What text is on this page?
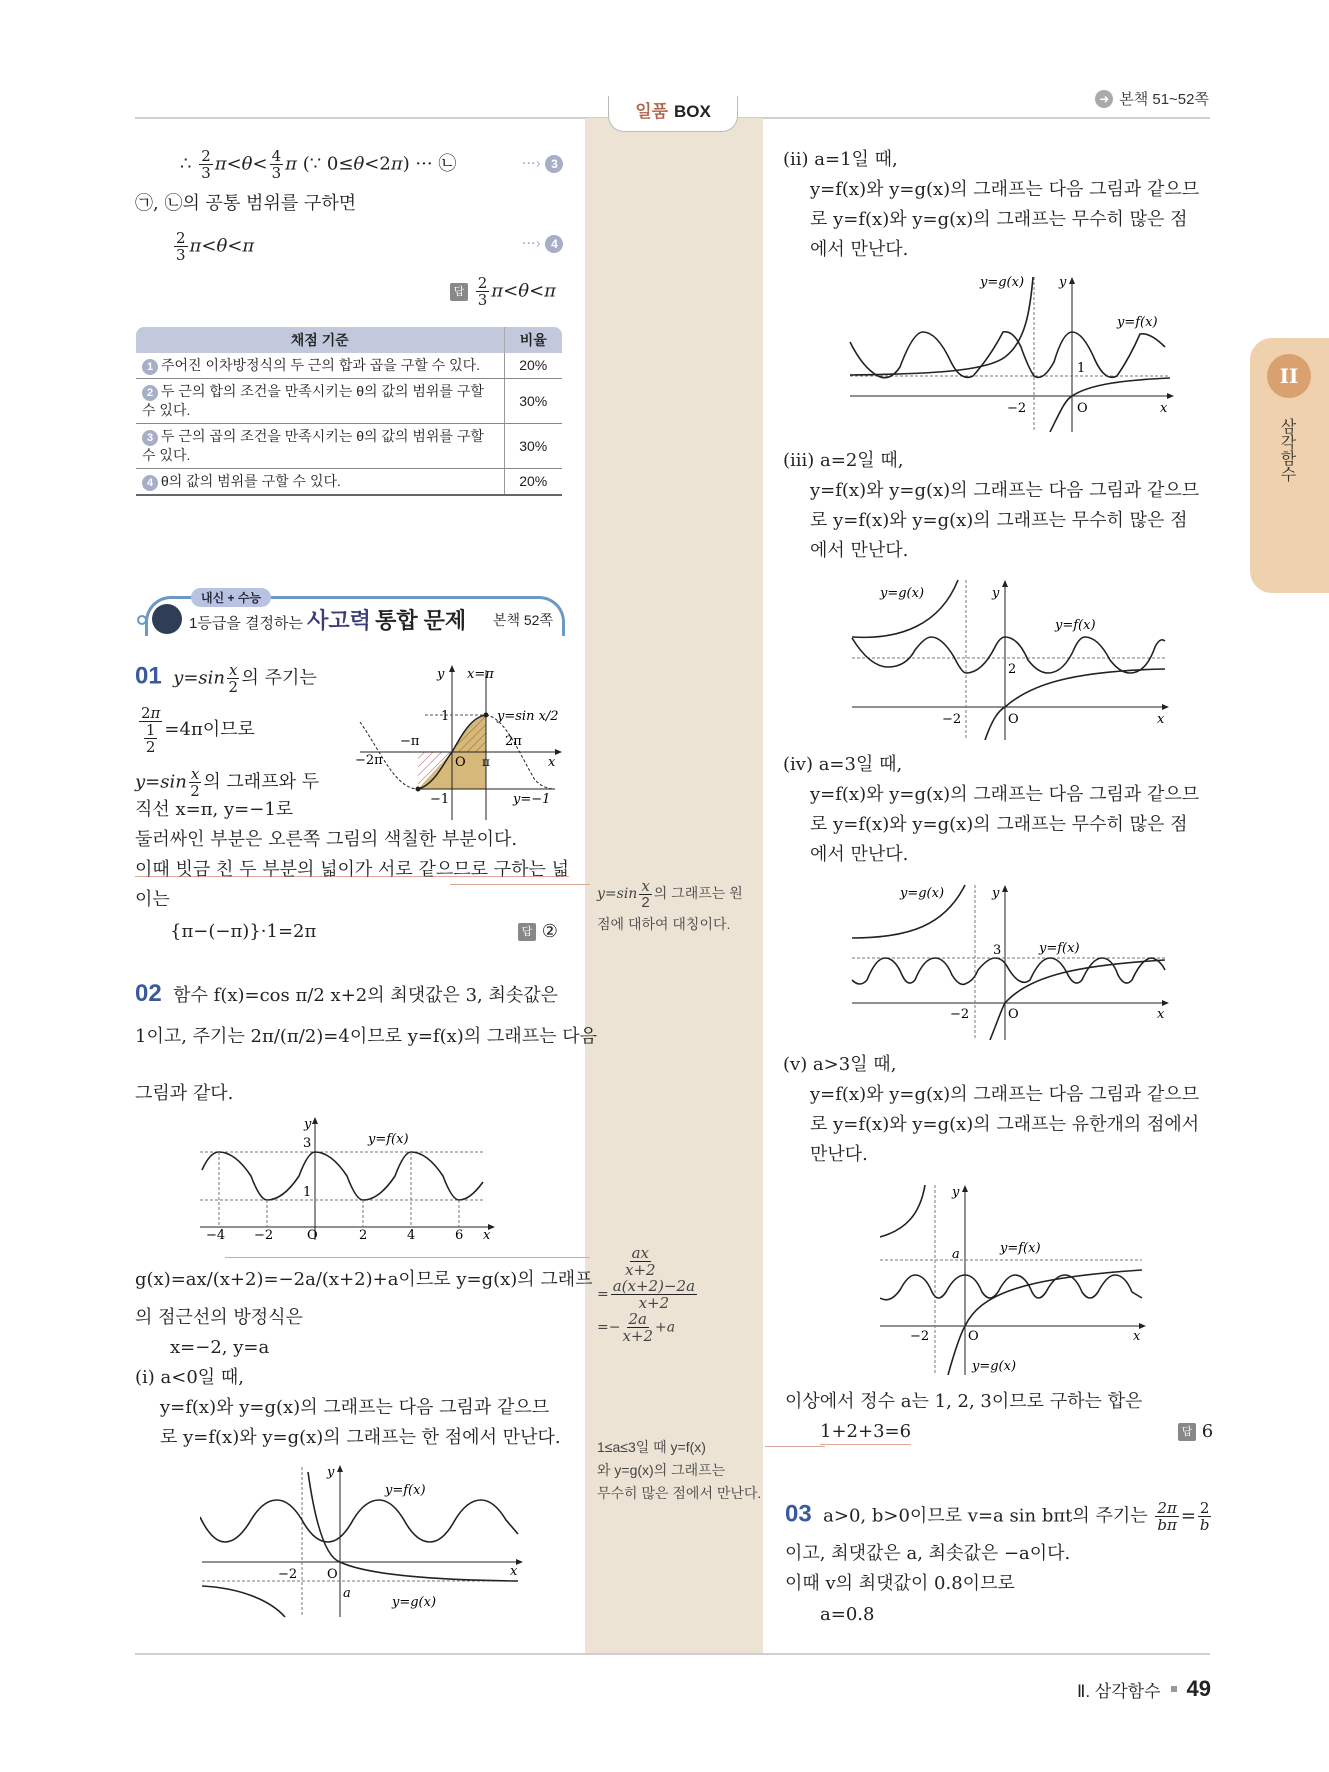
일품 BOX
➜ 본책 51~52쪽
∴ $\frac{2}{3} \pi<\theta< \frac{4}{3}$ π (∵ 0≤θ<2π) ··· ㉡	···› 3
㉠, ㉡의 공통 범위를 구하면
$\frac{2}{3} \pi<\theta<\pi$	···› 4
답 $\frac{2}{3} \pi<\theta<\pi$
채점 기준	비율
1 주어진 이차방정식의 두 근의 합과 곱을 구할 수 있다.	20%
2 두 근의 합의 조건을 만족시키는 θ의 값의 범위를 구할 수 있다.	30%
3 두 근의 곱의 조건을 만족시키는 θ의 값의 범위를 구할 수 있다.	30%
4 θ의 값의 범위를 구할 수 있다.	20%
내신 + 수능
1등급을 결정하는 사고력 통합 문제 본책 52쪽
01 $y=\sin \frac{x}{2}$ 의 주기는
$\frac{2\pi}{\frac{1}{2}} =4\pi$이므로
$y=\sin \frac{x}{2}$ 의 그래프와 두
직선 x=π, y=−1로
둘러싸인 부분은 오른쪽 그림의 색칠한 부분이다.
이때 빗금 친 두 부분의 넓이가 서로 같으므로 구하는 넓
이는
{π−(−π)}·1=2π	답 ②
y x=π
1	y=sin x/2
−π	2π
−2π	O π	x
−1	y=−1
02 함수 f(x)=cos π/2 x+2의 최댓값은 3, 최솟값은
1이고, 주기는 2π/(π/2)=4이므로 y=f(x)의 그래프는 다음
그림과 같다.
y
3
1
y=f(x)
−4 −2	O	2	4	6 x
g(x)=ax/(x+2)=−2a/(x+2)+a이므로 y=g(x)의 그래프
의 점근선의 방정식은
x=−2, y=a
(i) a<0일 때,
y=f(x)와 y=g(x)의 그래프는 다음 그림과 같으므
로 y=f(x)와 y=g(x)의 그래프는 한 점에서 만난다.
y
y=f(x)
−2 O
a
x
y=g(x)
$y=\sin \frac{x}{2}$ 의 그래프는 원
점에 대하여 대칭이다.
$\frac{ax}{x+2}$
= $\frac{a(x+2)-2a}{x+2}$
=− $\frac{2a}{x+2} +a$
1≤a≤3일 때 y=f(x)
와 y=g(x)의 그래프는
무수히 많은 점에서 만난다.
(ii) a=1일 때,
y=f(x)와 y=g(x)의 그래프는 다음 그림과 같으므
로 y=f(x)와 y=g(x)의 그래프는 무수히 많은 점
에서 만난다.
y=g(x)	y
y=f(x)
1
−2	O	x
(iii) a=2일 때,
y=f(x)와 y=g(x)의 그래프는 다음 그림과 같으므
로 y=f(x)와 y=g(x)의 그래프는 무수히 많은 점
에서 만난다.
y=g(x)	y
y=f(x)
2
−2	O	x
(iv) a=3일 때,
y=f(x)와 y=g(x)의 그래프는 다음 그림과 같으므
로 y=f(x)와 y=g(x)의 그래프는 무수히 많은 점
에서 만난다.
y=g(x)	y
y=f(x)
3
−2	O	x
(v) a>3일 때,
y=f(x)와 y=g(x)의 그래프는 다음 그림과 같으므
로 y=f(x)와 y=g(x)의 그래프는 유한개의 점에서
만난다.
y
y=f(x)
a
−2	O	x
y=g(x)
이상에서 정수 a는 1, 2, 3이므로 구하는 합은
1+2+3=6	답 6
03 a>0, b>0이므로 v=a sin bπt의 주기는 $\frac{2\pi}{b\pi} = \frac{2}{b}$
이고, 최댓값은 a, 최솟값은 −a이다.
이때 v의 최댓값이 0.8이므로
a=0.8
II
삼각함수
Ⅱ. 삼각함수 49
